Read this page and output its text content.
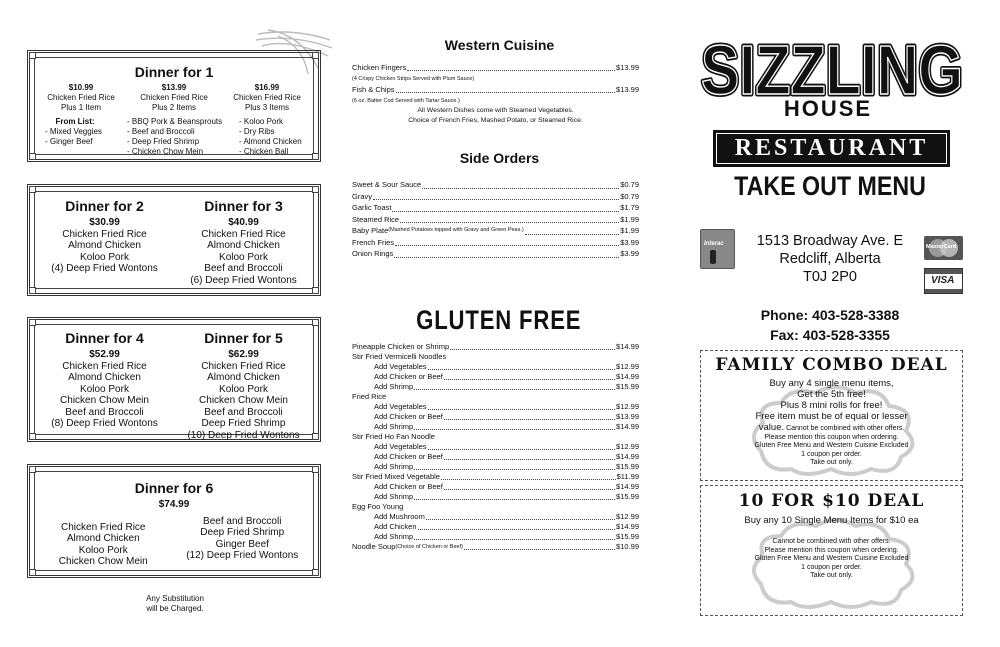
Dinner for 1
$10.99
Chicken Fried Rice
Plus 1 Item
$13.99
Chicken Fried Rice
Plus 2 Items
$16.99
Chicken Fried Rice
Plus 3 Items
From List:
- Mixed Veggies
- Ginger Beef
- BBQ Pork & Beansprouts
- Beef and Broccoli
- Deep Fried Shrimp
- Chicken Chow Mein
- Koloo Pork
- Dry Ribs
- Almond Chicken
- Chicken Ball
Dinner for 2
$30.99
Chicken Fried Rice
Almond Chicken
Koloo Pork
(4) Deep Fried Wontons
Dinner for 3
$40.99
Chicken Fried Rice
Almond Chicken
Koloo Pork
Beef and Broccoli
(6) Deep Fried Wontons
Dinner for 4
$52.99
Chicken Fried Rice
Almond Chicken
Koloo Pork
Chicken Chow Mein
Beef and Broccoli
(8) Deep Fried Wontons
Dinner for 5
$62.99
Chicken Fried Rice
Almond Chicken
Koloo Pork
Chicken Chow Mein
Beef and Broccoli
Deep Fried Shrimp
(10) Deep Fried Wontons
Dinner for 6
$74.99
Chicken Fried Rice
Almond Chicken
Koloo Pork
Chicken Chow Mein
Beef and Broccoli
Deep Fried Shrimp
Ginger Beef
(12) Deep Fried Wontons
Any Substitution
will be Charged.
Western Cuisine
Chicken Fingers	$13.99
(4 Crispy Chicken Strips Served with Plum Sauce)
Fish & Chips	$13.99
(6 oz. Batter Cod Served with Tartar Sauce.)
All Western Dishes come with Steamed Vegetables.
Choice of French Fries, Mashed Potato, or Steamed Rice.
Side Orders
Sweet & Sour Sauce	$0.79
Gravy	$0.79
Garlic Toast	$1.79
Steamed Rice	$1.99
Baby Plate (Mashed Potatoes topped with Gravy and Green Peas.)	$1.99
French Fries	$3.99
Onion Rings	$3.99
GLUTEN FREE
Pineapple Chicken or Shrimp	$14.99
Stir Fried Vermicelli Noodles
Add Vegetables	$12.99
Add Chicken or Beef	$14.99
Add Shrimp	$15.99
Fried Rice
Add Vegetables	$12.99
Add Chicken or Beef	$13.99
Add Shrimp	$14.99
Stir Fried Ho Fan Noodle
Add Vegetables	$12.99
Add Chicken or Beef	$14.99
Add Shrimp	$15.99
Stir Fried Mixed Vegetable	$11.99
Add Chicken or Beef	$14.99
Add Shrimp	$15.99
Egg Foo Young
Add Mushroom	$12.99
Add Chicken	$14.99
Add Shrimp	$15.99
Noodle Soup (Choice of Chicken or Beef)	$10.99
SIZZLING
SIZZLING
HOUSE
RESTAURANT
TAKE OUT MENU
Interac	1513 Broadway Ave. E
Redcliff, Alberta
T0J 2P0
MasterCard
VISA
Phone: 403-528-3388
Fax: 403-528-3355
FAMILY COMBO DEAL
Buy any 4 single menu items,
Get the 5th free!
Plus 8 mini rolls for free!
Free item must be of equal or lesser
value. Cannot be combined with other offers.
Please mention this coupon when ordering.
Gluten Free Menu and Western Cuisine Excluded
1 coupon per order.
Take out only.
10 FOR $10 DEAL
Buy any 10 Single Menu Items for $10 ea
Cannot be combined with other offers.
Please mention this coupon when ordering.
Gluten Free Menu and Western Cuisine Excluded
1 coupon per order.
Take out only.
